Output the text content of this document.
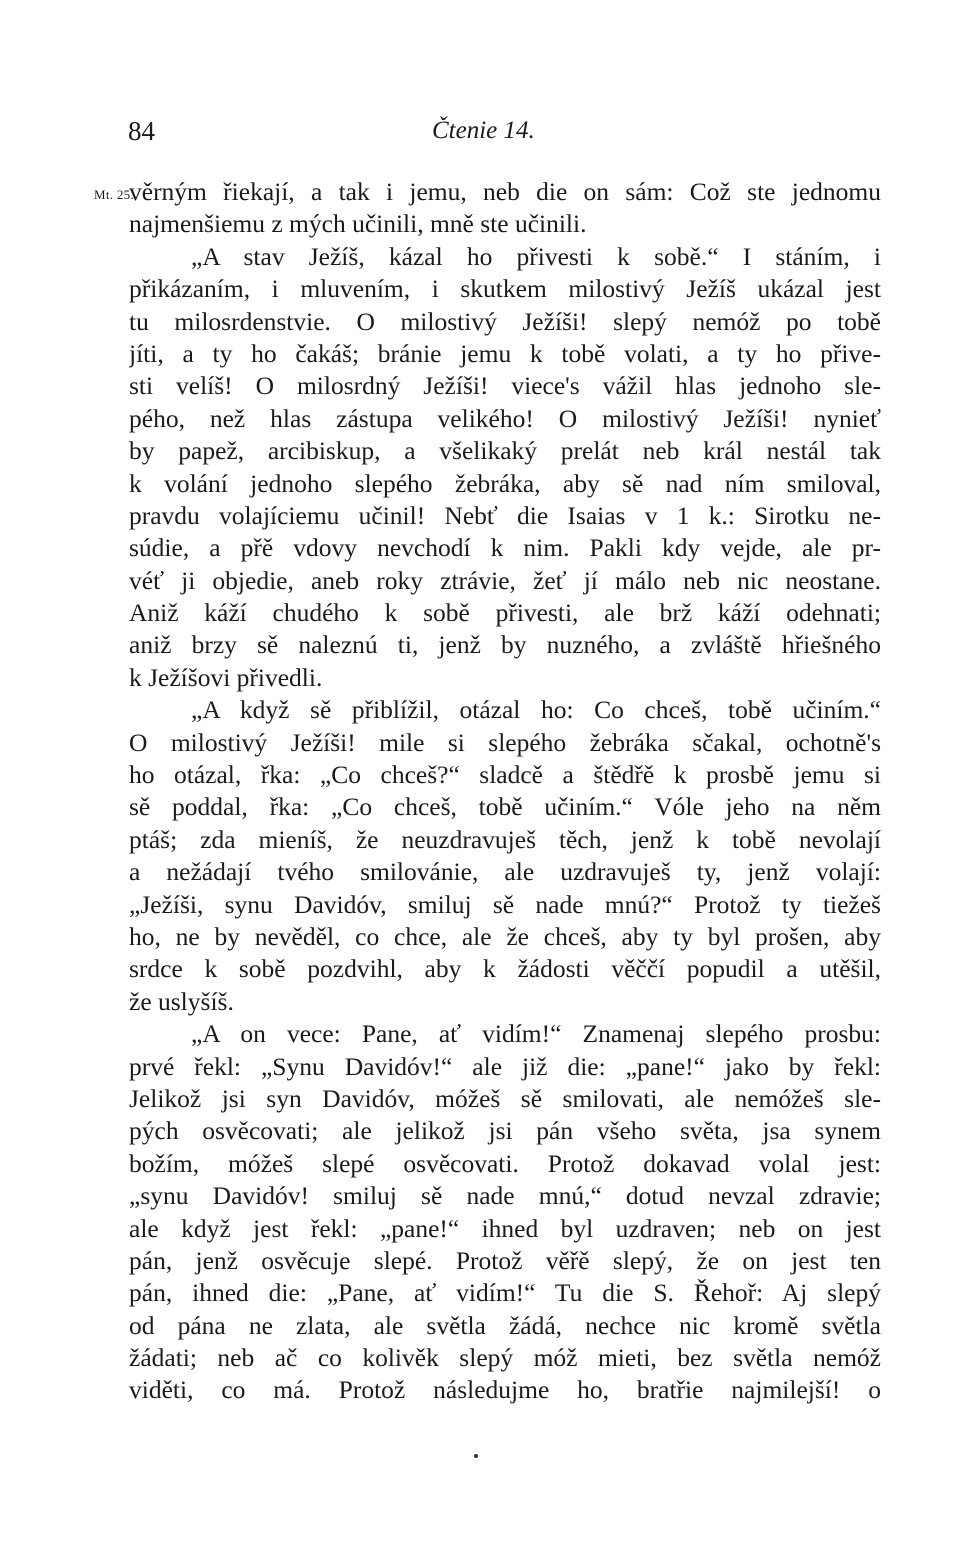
84	Čtenie 14.
Mt. 25.
věrným řiekají, a tak i jemu, neb die on sám: Což ste jednomu
najmenšiemu z mých učinili, mně ste učinili.
„A stav Ježíš, kázal ho přivesti k sobě.“ I stáním, i
přikázaním, i mluvením, i skutkem milostivý Ježíš ukázal jest
tu milosrdenstvie. O milostivý Ježíši! slepý nemóž po tobě
jíti, a ty ho čakáš; bránie jemu k tobě volati, a ty ho přive-
sti velíš! O milosrdný Ježíši! viece's vážil hlas jednoho sle-
pého, než hlas zástupa velikého! O milostivý Ježíši! nynieť
by papež, arcibiskup, a všelikaký prelát neb král nestál tak
k volání jednoho slepého žebráka, aby sě nad ním smiloval,
pravdu volajíciemu učinil! Nebť die Isaias v 1 k.: Sirotku ne-
súdie, a přě vdovy nevchodí k nim. Pakli kdy vejde, ale pr-
véť ji objedie, aneb roky ztrávie, žeť jí málo neb nic neostane.
Aniž káží chudého k sobě přivesti, ale brž káží odehnati;
aniž brzy sě naleznú ti, jenž by nuzného, a zvláště hřiešného
k Ježíšovi přivedli.
„A když sě přiblížil, otázal ho: Co chceš, tobě učiním.“
O milostivý Ježíši! mile si slepého žebráka sčakal, ochotně's
ho otázal, řka: „Co chceš?“ sladcě a štědřě k prosbě jemu si
sě poddal, řka: „Co chceš, tobě učiním.“ Vóle jeho na něm
ptáš; zda mieníš, že neuzdravuješ těch, jenž k tobě nevolají
a nežádají tvého smilovánie, ale uzdravuješ ty, jenž volají:
„Ježíši, synu Davidóv, smiluj sě nade mnú?“ Protož ty tiežeš
ho, ne by nevěděl, co chce, ale že chceš, aby ty byl prošen, aby
srdce k sobě pozdvihl, aby k žádosti věččí popudil a utěšil,
že uslyšíš.
„A on vece: Pane, ať vidím!“ Znamenaj slepého prosbu:
prvé řekl: „Synu Davidóv!“ ale již die: „pane!“ jako by řekl:
Jelikož jsi syn Davidóv, móžeš sě smilovati, ale nemóžeš sle-
pých osvěcovati; ale jelikož jsi pán všeho světa, jsa synem
božím, móžeš slepé osvěcovati. Protož dokavad volal jest:
„synu Davidóv! smiluj sě nade mnú,“ dotud nevzal zdravie;
ale když jest řekl: „pane!“ ihned byl uzdraven; neb on jest
pán, jenž osvěcuje slepé. Protož věřě slepý, že on jest ten
pán, ihned die: „Pane, ať vidím!“ Tu die S. Řehoř: Aj slepý
od pána ne zlata, ale světla žádá, nechce nic kromě světla
žádati; neb ač co kolivěk slepý móž mieti, bez světla nemóž
viděti, co má. Protož následujme ho, bratřie najmilejší! o
